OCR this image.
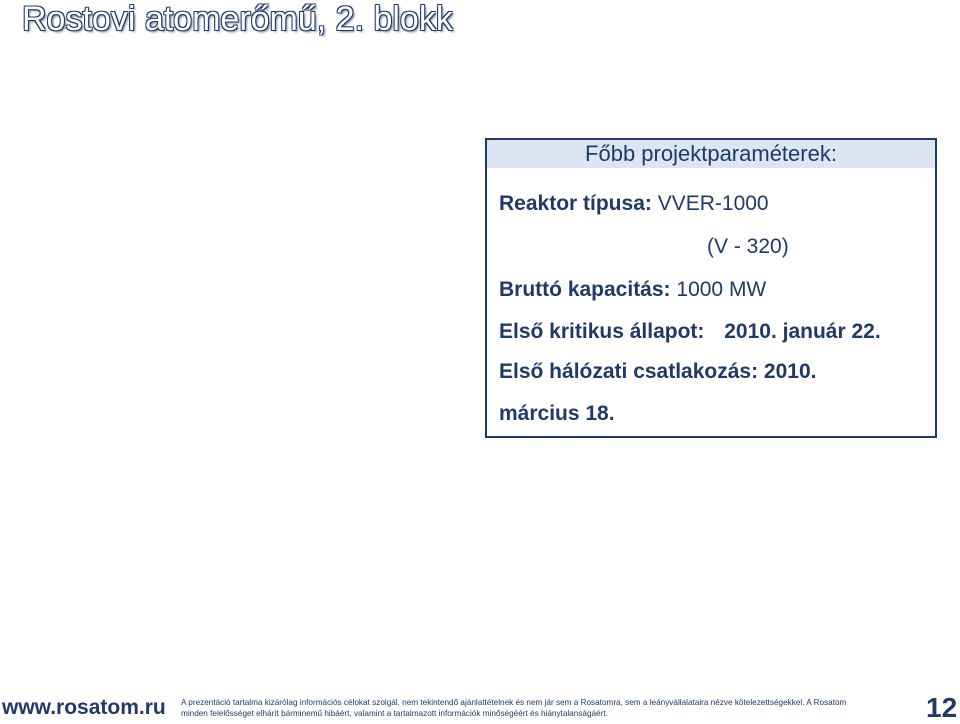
Rostovi atomerőmű, 2. blokk
Főbb projektparaméterek:
Reaktor típusa: VVER-1000
(V - 320)
Bruttó kapacitás: 1000 MW
Első kritikus állapot: 2010. január 22.
Első hálózati csatlakozás: 2010.
március 18.
www.rosatom.ru A prezentáció tartalma kizárólag információs célokat szolgál, nem tekintendő ajánlattételnek és nem jár sem a Rosatomra, sem a leányvállalataira nézve kötelezettségekkel. A Rosatom
minden felelősséget elhárít bárminemű hibáért, valamint a tartalmazott információk minőségéért és hiánytalanságáért.	12
